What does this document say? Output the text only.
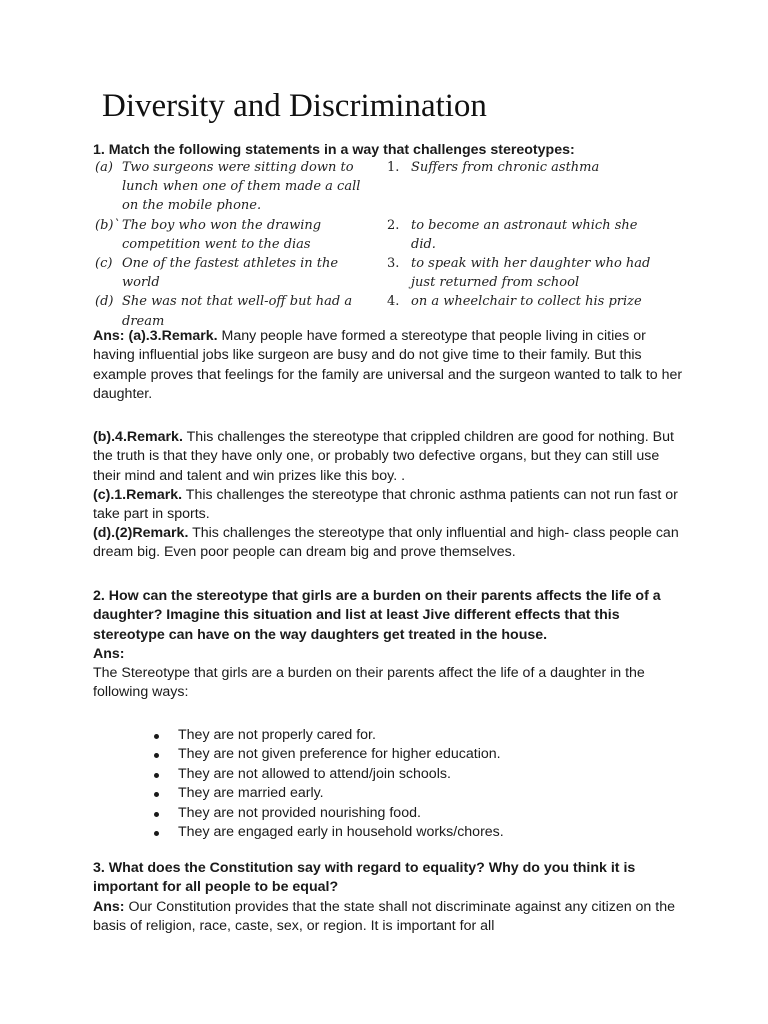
Diversity and Discrimination

1. Match the following statements in a way that challenges stereotypes:

(a) Two surgeons were sitting down to lunch when one of them made a call on the mobile phone.
1. Suffers from chronic asthma
(b)` The boy who won the drawing competition went to the dias
2. to become an astronaut which she did.
(c) One of the fastest athletes in the world
3. to speak with her daughter who had just returned from school
(d) She was not that well-off but had a dream
4. on a wheelchair to collect his prize

Ans: (a).3.Remark. Many people have formed a stereotype that people living in cities or having influential jobs like surgeon are busy and do not give time to their family. But this example proves that feelings for the family are universal and the surgeon wanted to talk to her daughter.

(b).4.Remark. This challenges the stereotype that crippled children are good for nothing. But the truth is that they have only one, or probably two defective organs, but they can still use their mind and talent and win prizes like this boy. .

(c).1.Remark. This challenges the stereotype that chronic asthma patients can not run fast or take part in sports.

(d).(2)Remark. This challenges the stereotype that only influential and high- class people can dream big. Even poor people can dream big and prove themselves.

2. How can the stereotype that girls are a burden on their parents affects the life of a daughter? Imagine this situation and list at least Jive different effects that this stereotype can have on the way daughters get treated in the house.

Ans:

The Stereotype that girls are a burden on their parents affect the life of a daughter in the following ways:

They are not properly cared for.
They are not given preference for higher education.
They are not allowed to attend/join schools.
They are married early.
They are not provided nourishing food.
They are engaged early in household works/chores.

3. What does the Constitution say with regard to equality? Why do you think it is important for all people to be equal?

Ans: Our Constitution provides that the state shall not discriminate against any citizen on the basis of religion, race, caste, sex, or region. It is important for all
